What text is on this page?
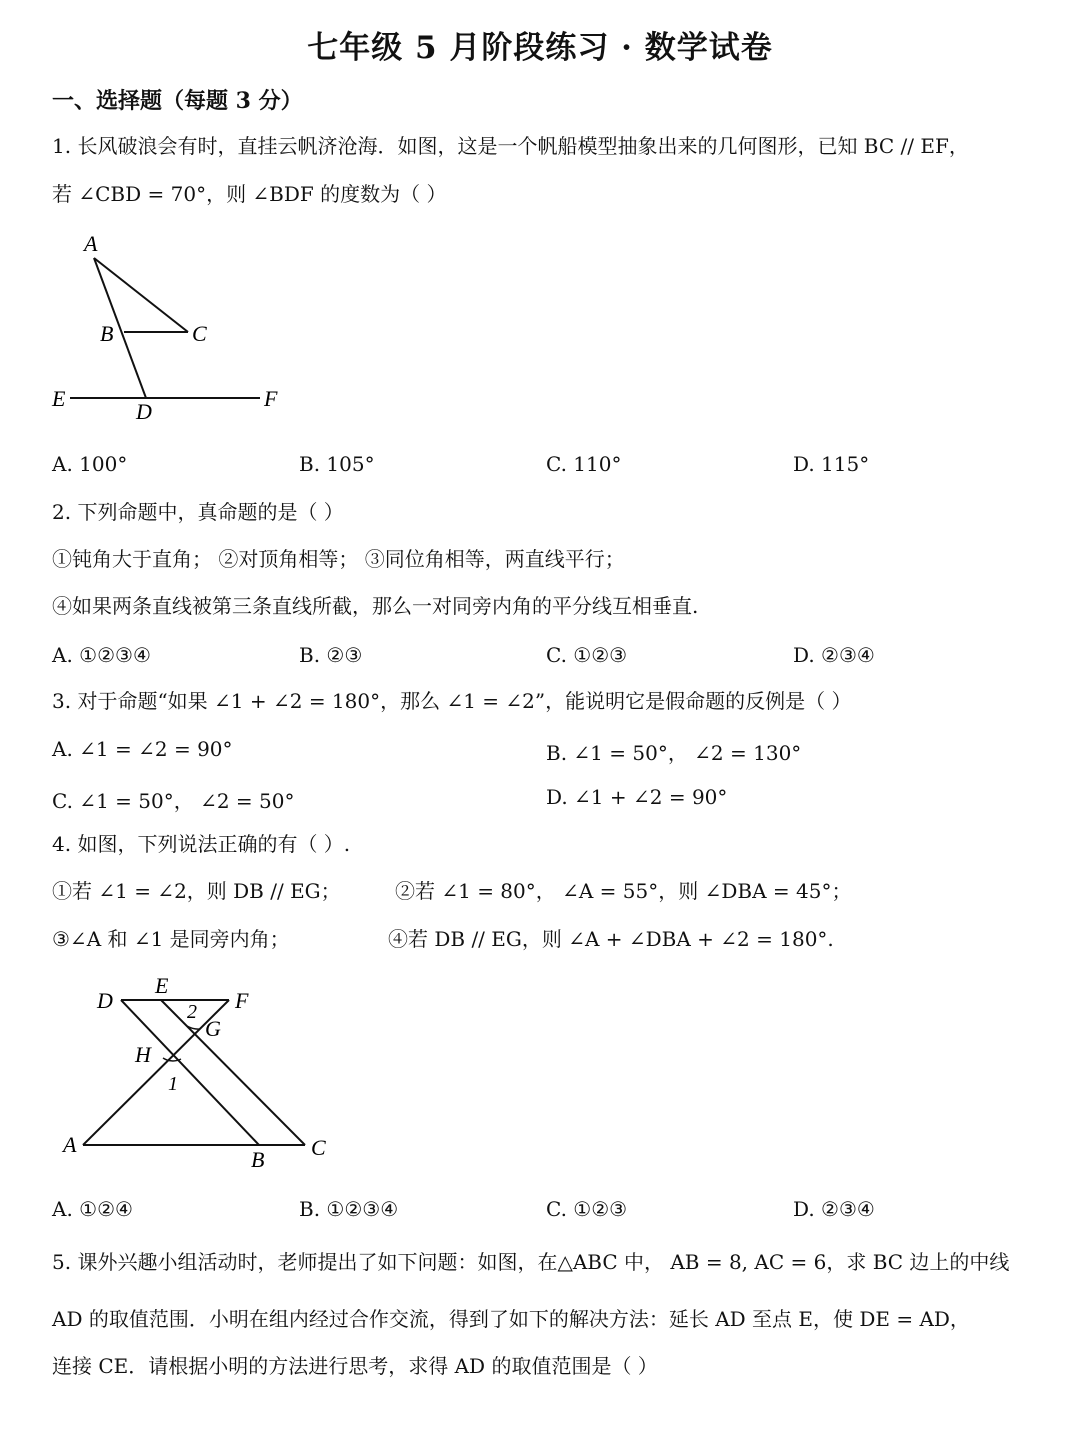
七年级 5 月阶段练习 · 数学试卷
一、选择题（每题 3 分）
1. 长风破浪会有时，直挂云帆济沧海．如图，这是一个帆船模型抽象出来的几何图形，已知 BC // EF，
若 ∠CBD = 70°，则 ∠BDF 的度数为（ ）
A
B	C
E
D
F
A. 100°	B. 105°	C. 110°	D. 115°
2. 下列命题中，真命题的是（ ）
①钝角大于直角； ②对顶角相等； ③同位角相等，两直线平行；
④如果两条直线被第三条直线所截，那么一对同旁内角的平分线互相垂直.
A. ①②③④	B. ②③	C. ①②③	D. ②③④
3. 对于命题“如果 ∠1 + ∠2 = 180°，那么 ∠1 = ∠2”，能说明它是假命题的反例是（ ）
A. ∠1 = ∠2 = 90°	B. ∠1 = 50°， ∠2 = 130°
C. ∠1 = 50°， ∠2 = 50°	D. ∠1 + ∠2 = 90°
4. 如图，下列说法正确的有（ ）.
①若 ∠1 = ∠2，则 DB // EG；	②若 ∠1 = 80°， ∠A = 55°，则 ∠DBA = 45°；
③∠A 和 ∠1 是同旁内角；	④若 DB // EG，则 ∠A + ∠DBA + ∠2 = 180°.
D
E
F
2
G
H
1
A
B C
A. ①②④	B. ①②③④	C. ①②③	D. ②③④
5. 课外兴趣小组活动时，老师提出了如下问题：如图，在△ABC 中， AB = 8, AC = 6，求 BC 边上的中线
AD 的取值范围．小明在组内经过合作交流，得到了如下的解决方法：延长 AD 至点 E，使 DE = AD，
连接 CE．请根据小明的方法进行思考，求得 AD 的取值范围是（ ）
